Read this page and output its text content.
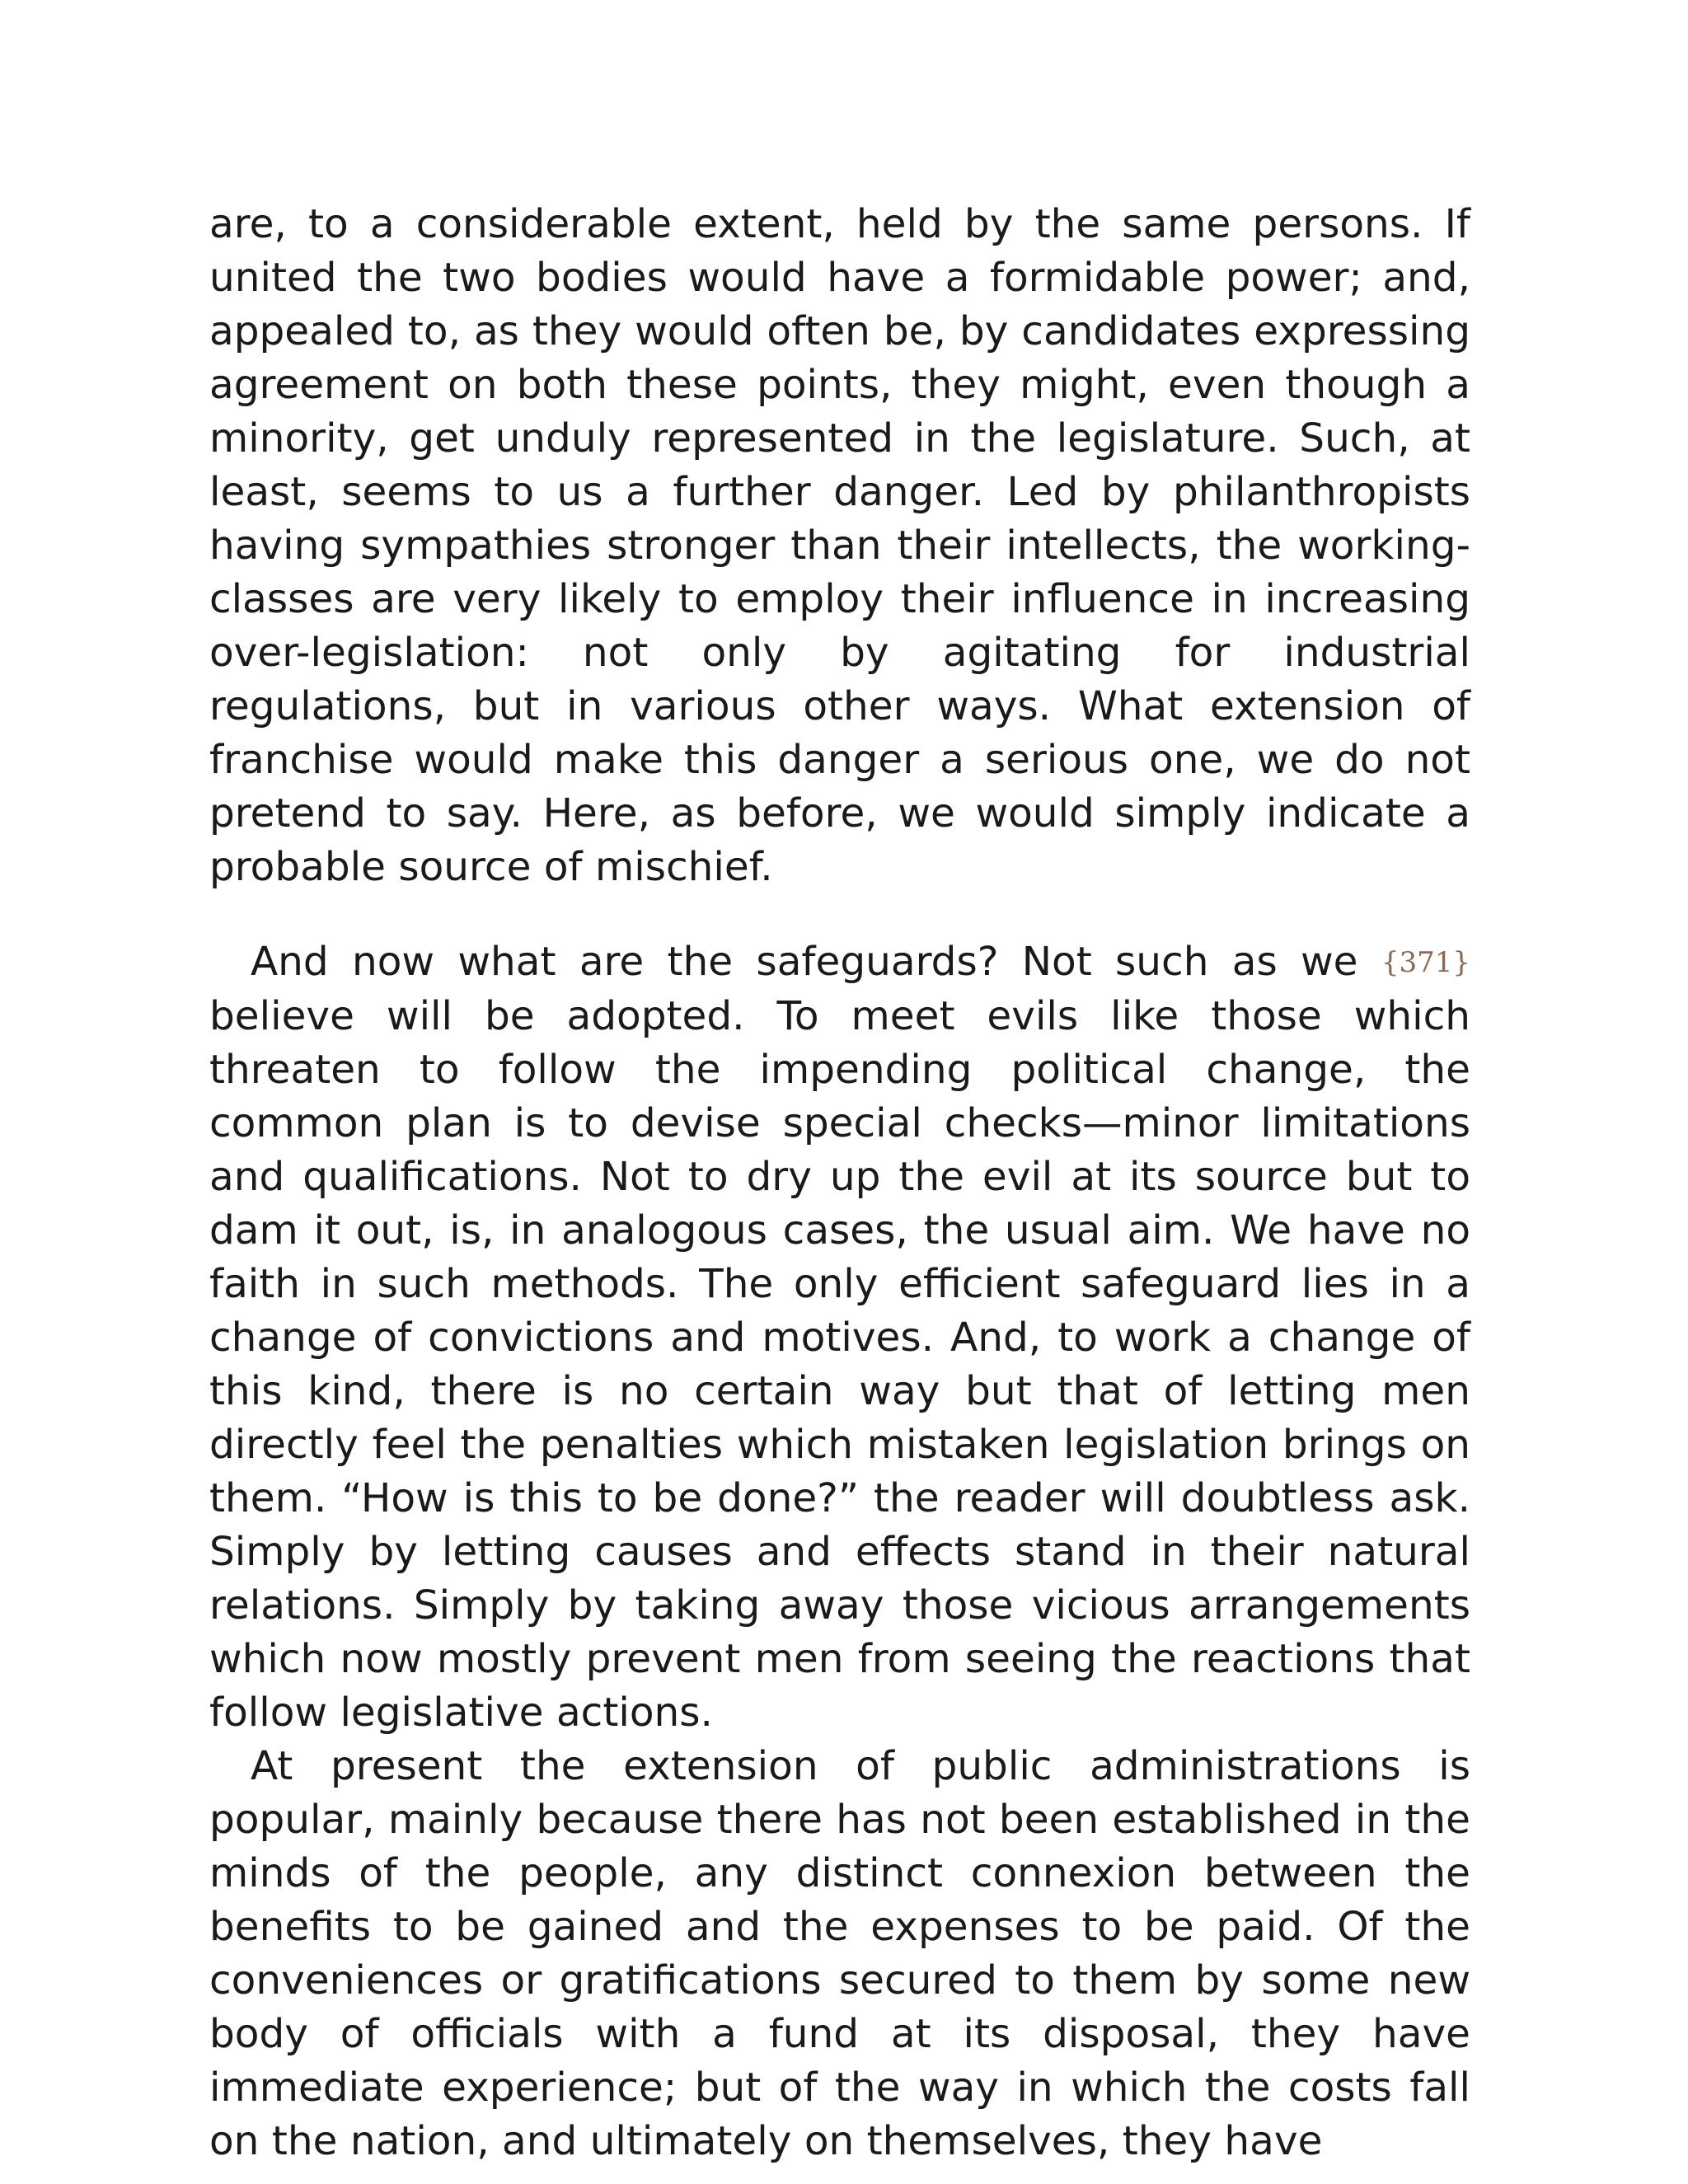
are, to a considerable extent, held by the same persons. If united the two bodies would have a formidable power; and, appealed to, as they would often be, by candidates expressing agreement on both these points, they might, even though a minority, get unduly represented in the legislature. Such, at least, seems to us a further danger. Led by philanthropists having sympathies stronger than their intellects, the working-classes are very likely to employ their influence in increasing over-legislation: not only by agitating for industrial regulations, but in various other ways. What extension of franchise would make this danger a serious one, we do not pretend to say. Here, as before, we would simply indicate a probable source of mischief.

And now what are the safeguards? Not such as we {371} believe will be adopted. To meet evils like those which threaten to follow the impending political change, the common plan is to devise special checks—minor limitations and qualifications. Not to dry up the evil at its source but to dam it out, is, in analogous cases, the usual aim. We have no faith in such methods. The only efficient safeguard lies in a change of convictions and motives. And, to work a change of this kind, there is no certain way but that of letting men directly feel the penalties which mistaken legislation brings on them. “How is this to be done?” the reader will doubtless ask. Simply by letting causes and effects stand in their natural relations. Simply by taking away those vicious arrangements which now mostly prevent men from seeing the reactions that follow legislative actions.

At present the extension of public administrations is popular, mainly because there has not been established in the minds of the people, any distinct connexion between the benefits to be gained and the expenses to be paid. Of the conveniences or gratifications secured to them by some new body of officials with a fund at its disposal, they have immediate experience; but of the way in which the costs fall on the nation, and ultimately on themselves, they have
